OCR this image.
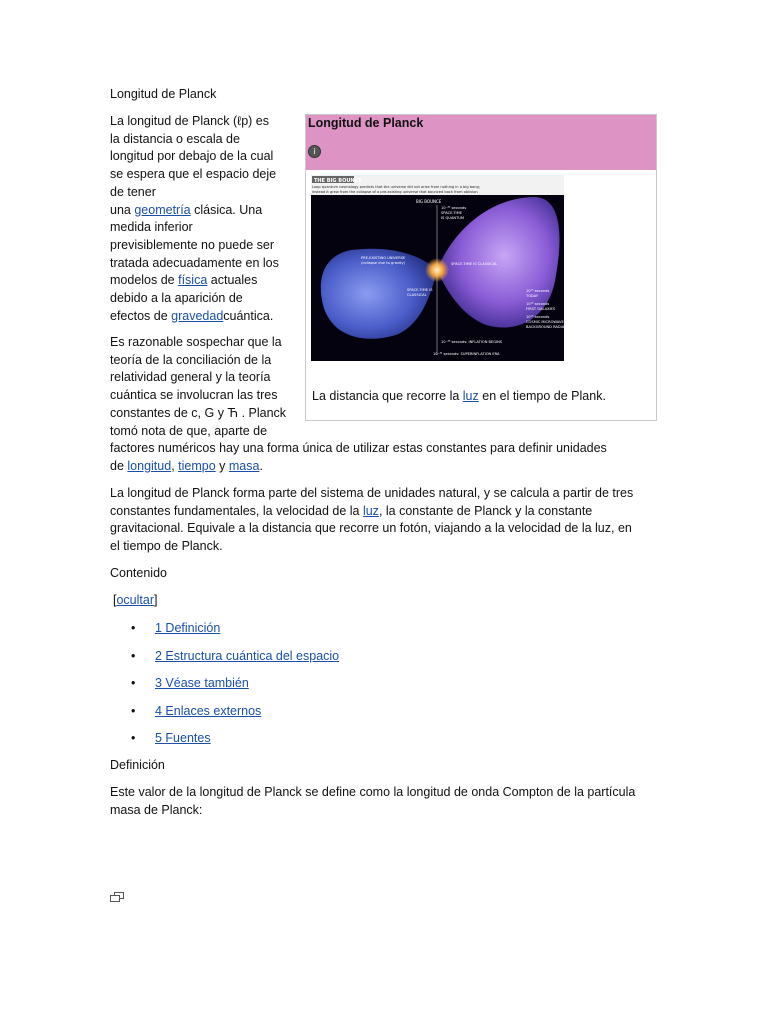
Longitud de Planck
La longitud de Planck (ℓp) es
la distancia o escala de
longitud por debajo de la cual
se espera que el espacio deje
de tener
una geometría clásica. Una
medida inferior
previsiblemente no puede ser
tratada adecuadamente en los
modelos de física actuales
debido a la aparición de
efectos de gravedadcuántica.
Es razonable sospechar que la
teoría de la conciliación de la
relatividad general y la teoría
cuántica se involucran las tres
constantes de c, G y Ћ . Planck
tomó nota de que, aparte de
factores numéricos hay una forma única de utilizar estas constantes para definir unidades
de longitud, tiempo y masa.
Longitud de Planck
i
THE BIG BOUNCE
Loop quantum cosmology predicts that the universe did not arise from nothing in a big bang;
instead it grew from the collapse of a pre-existing universe that bounced back from oblivion
BIG BOUNCE
PRE-EXISTING UNIVERSE
(collapse due to gravity)	SPACE-TIME IS CLASSICAL
SPACE-TIME IS
CLASSICAL
10⁻⁴³ seconds
SPACE-TIME
IS QUANTUM
10¹⁷ seconds
TODAY
10¹⁶ seconds
FIRST GALAXIES
10¹³ seconds
COSMIC MICROWAVE
BACKGROUND RADIATION
10⁻³⁶ seconds: INFLATION BEGINS
10⁻³² seconds: SUPERINFLATION ERA
La distancia que recorre la luz en el tiempo de Plank.
La longitud de Planck forma parte del sistema de unidades natural, y se calcula a partir de tres
constantes fundamentales, la velocidad de la luz, la constante de Planck y la constante
gravitacional. Equivale a la distancia que recorre un fotón, viajando a la velocidad de la luz, en
el tiempo de Planck.
Contenido
[ocultar]
• 1 Definición
• 2 Estructura cuántica del espacio
• 3 Véase también
• 4 Enlaces externos
• 5 Fuentes
Definición
Este valor de la longitud de Planck se define como la longitud de onda Compton de la partícula
masa de Planck:
